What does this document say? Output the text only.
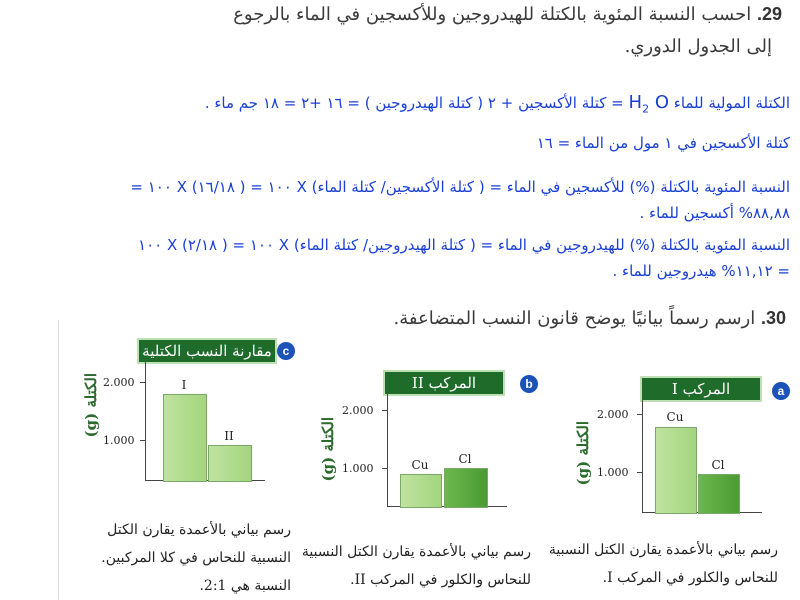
29. احسب النسبة المئوية بالكتلة للهيدروجين وللأكسجين في الماء بالرجوع
إلى الجدول الدوري.
الكتلة المولية للماء $H_2$ O = كتلة الأكسجين + ٢ ( كتلة الهيدروجين ) = ١٦ +٢ = ١٨ جم ماء .
كتلة الأكسجين في ١ مول من الماء = ١٦
النسبة المئوية بالكتلة (%) للأكسجين في الماء = ( كتلة الأكسجين/ كتلة الماء) X ١٠٠ = ( ١٦/١٨) X ١٠٠ =
٨٨,٨٨% أكسجين للماء .
النسبة المئوية بالكتلة (%) للهيدروجين في الماء = ( كتلة الهيدروجين/ كتلة الماء) X ١٠٠ = ( ٢/١٨) X ١٠٠
= ١١,١٢% هيدروجين للماء .
30. ارسم رسماً بيانيًا يوضح قانون النسب المتضاعفة.
a
المركب I
الكتلة (g)
2.000
1.000
Cu
Cl
رسم بياني بالأعمدة يقارن الكتل النسبية
للنحاس والكلور في المركب I.
b
المركب II
الكتلة (g)
2.000
1.000	Cu	Cl
رسم بياني بالأعمدة يقارن الكتل النسبية
للنحاس والكلور في المركب II.
c
مقارنة النسب الكتلية
الكتلة (g) 2.000
1.000
I
II
رسم بياني بالأعمدة يقارن الكتل
النسبية للنحاس في كلا المركبين.
النسبة هي 2:1.
